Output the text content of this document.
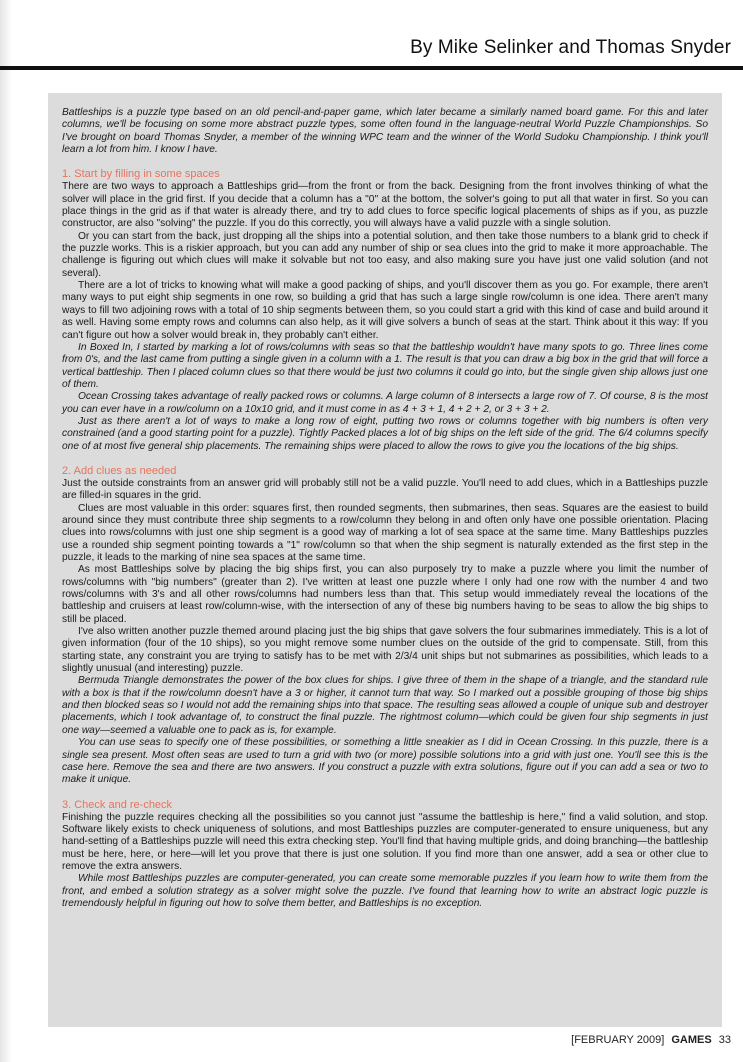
By Mike Selinker and Thomas Snyder

Battleships is a puzzle type based on an old pencil-and-paper game, which later became a similarly named board game. For this and later columns, we'll be focusing on some more abstract puzzle types, some often found in the language-neutral World Puzzle Championships. So I've brought on board Thomas Snyder, a member of the winning WPC team and the winner of the World Sudoku Championship. I think you'll learn a lot from him. I know I have.

1. Start by filling in some spaces

There are two ways to approach a Battleships grid—from the front or from the back. Designing from the front involves thinking of what the solver will place in the grid first. If you decide that a column has a "0" at the bottom, the solver's going to put all that water in first. So you can place things in the grid as if that water is already there, and try to add clues to force specific logical placements of ships as if you, as puzzle constructor, are also "solving" the puzzle. If you do this correctly, you will always have a valid puzzle with a single solution.

Or you can start from the back, just dropping all the ships into a potential solution, and then take those numbers to a blank grid to check if the puzzle works. This is a riskier approach, but you can add any number of ship or sea clues into the grid to make it more approachable. The challenge is figuring out which clues will make it solvable but not too easy, and also making sure you have just one valid solution (and not several).

There are a lot of tricks to knowing what will make a good packing of ships, and you'll discover them as you go. For example, there aren't many ways to put eight ship segments in one row, so building a grid that has such a large single row/column is one idea. There aren't many ways to fill two adjoining rows with a total of 10 ship segments between them, so you could start a grid with this kind of case and build around it as well. Having some empty rows and columns can also help, as it will give solvers a bunch of seas at the start. Think about it this way: If you can't figure out how a solver would break in, they probably can't either.

In Boxed In, I started by marking a lot of rows/columns with seas so that the battleship wouldn't have many spots to go. Three lines come from 0's, and the last came from putting a single given in a column with a 1. The result is that you can draw a big box in the grid that will force a vertical battleship. Then I placed column clues so that there would be just two columns it could go into, but the single given ship allows just one of them.

Ocean Crossing takes advantage of really packed rows or columns. A large column of 8 intersects a large row of 7. Of course, 8 is the most you can ever have in a row/column on a 10x10 grid, and it must come in as 4 + 3 + 1, 4 + 2 + 2, or 3 + 3 + 2.

Just as there aren't a lot of ways to make a long row of eight, putting two rows or columns together with big numbers is often very constrained (and a good starting point for a puzzle). Tightly Packed places a lot of big ships on the left side of the grid. The 6/4 columns specify one of at most five general ship placements. The remaining ships were placed to allow the rows to give you the locations of the big ships.

2. Add clues as needed

Just the outside constraints from an answer grid will probably still not be a valid puzzle. You'll need to add clues, which in a Battleships puzzle are filled-in squares in the grid.

Clues are most valuable in this order: squares first, then rounded segments, then submarines, then seas. Squares are the easiest to build around since they must contribute three ship segments to a row/column they belong in and often only have one possible orientation. Placing clues into rows/columns with just one ship segment is a good way of marking a lot of sea space at the same time. Many Battleships puzzles use a rounded ship segment pointing towards a "1" row/column so that when the ship segment is naturally extended as the first step in the puzzle, it leads to the marking of nine sea spaces at the same time.

As most Battleships solve by placing the big ships first, you can also purposely try to make a puzzle where you limit the number of rows/columns with "big numbers" (greater than 2). I've written at least one puzzle where I only had one row with the number 4 and two rows/columns with 3's and all other rows/columns had numbers less than that. This setup would immediately reveal the locations of the battleship and cruisers at least row/column-wise, with the intersection of any of these big numbers having to be seas to allow the big ships to still be placed.

I've also written another puzzle themed around placing just the big ships that gave solvers the four submarines immediately. This is a lot of given information (four of the 10 ships), so you might remove some number clues on the outside of the grid to compensate. Still, from this starting state, any constraint you are trying to satisfy has to be met with 2/3/4 unit ships but not submarines as possibilities, which leads to a slightly unusual (and interesting) puzzle.

Bermuda Triangle demonstrates the power of the box clues for ships. I give three of them in the shape of a triangle, and the standard rule with a box is that if the row/column doesn't have a 3 or higher, it cannot turn that way. So I marked out a possible grouping of those big ships and then blocked seas so I would not add the remaining ships into that space. The resulting seas allowed a couple of unique sub and destroyer placements, which I took advantage of, to construct the final puzzle. The rightmost column—which could be given four ship segments in just one way—seemed a valuable one to pack as is, for example.

You can use seas to specify one of these possibilities, or something a little sneakier as I did in Ocean Crossing. In this puzzle, there is a single sea present. Most often seas are used to turn a grid with two (or more) possible solutions into a grid with just one. You'll see this is the case here. Remove the sea and there are two answers. If you construct a puzzle with extra solutions, figure out if you can add a sea or two to make it unique.

3. Check and re-check

Finishing the puzzle requires checking all the possibilities so you cannot just "assume the battleship is here," find a valid solution, and stop. Software likely exists to check uniqueness of solutions, and most Battleships puzzles are computer-generated to ensure uniqueness, but any hand-setting of a Battleships puzzle will need this extra checking step. You'll find that having multiple grids, and doing branching—the battleship must be here, here, or here—will let you prove that there is just one solution. If you find more than one answer, add a sea or other clue to remove the extra answers.

While most Battleships puzzles are computer-generated, you can create some memorable puzzles if you learn how to write them from the front, and embed a solution strategy as a solver might solve the puzzle. I've found that learning how to write an abstract logic puzzle is tremendously helpful in figuring out how to solve them better, and Battleships is no exception.

[FEBRUARY 2009] GAMES 33
